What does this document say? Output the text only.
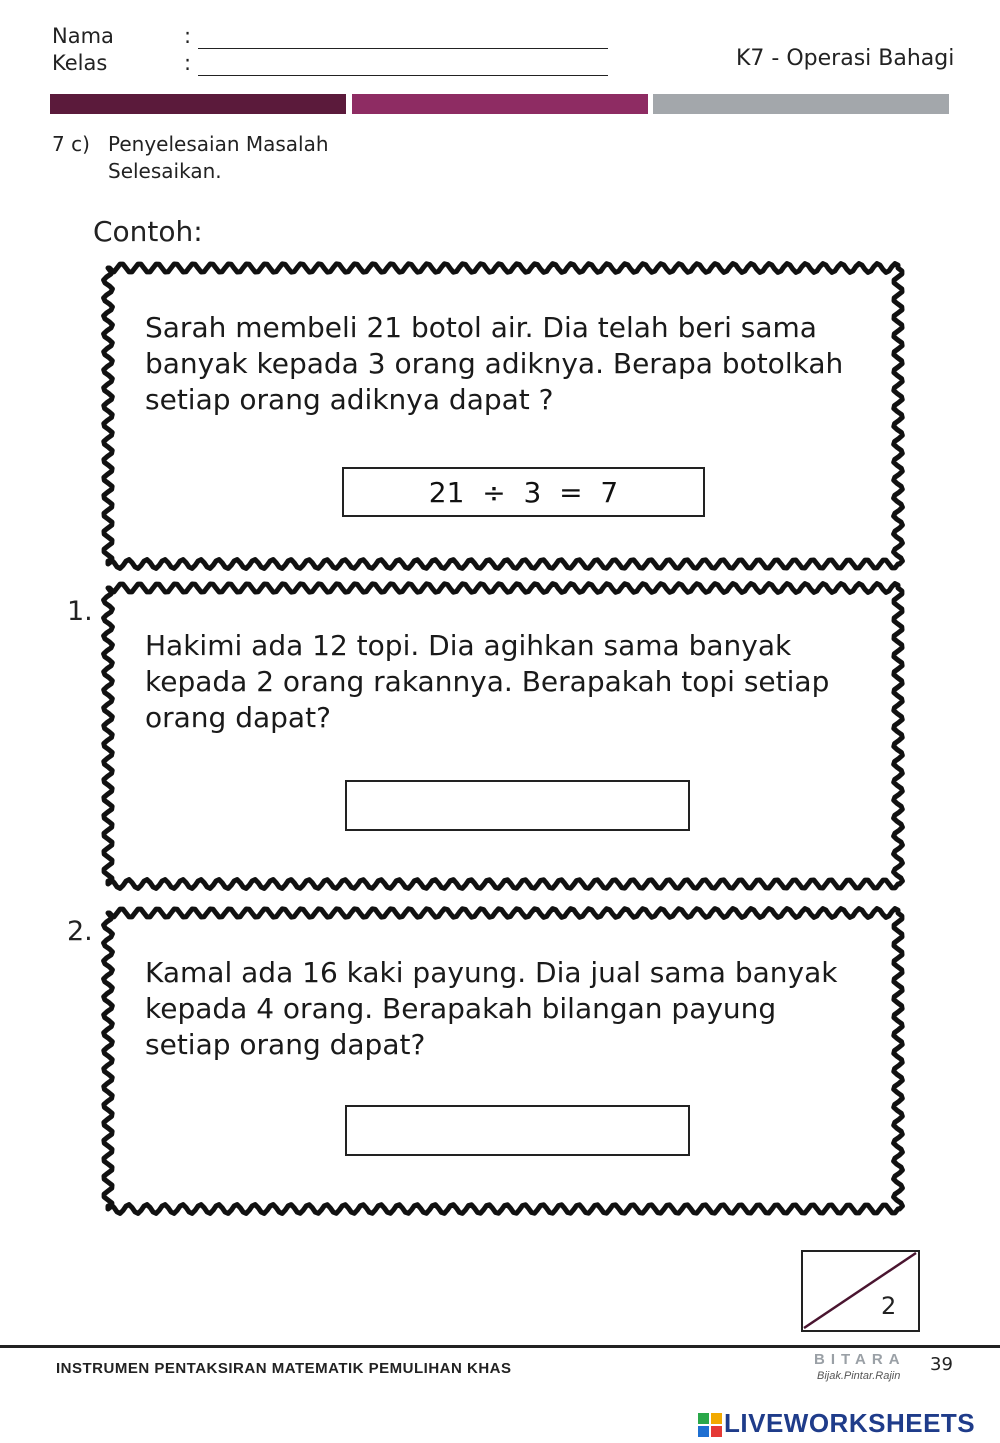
Nama	:
Kelas	:	K7 - Operasi Bahagi
7 c) Penyelesaian Masalah
Selesaikan.
Contoh:
Sarah membeli 21 botol air. Dia telah beri sama
banyak kepada 3 orang adiknya. Berapa botolkah
setiap orang adiknya dapat ?
21  ÷  3  =  7
1.
Hakimi ada 12 topi. Dia agihkan sama banyak
kepada 2 orang rakannya. Berapakah topi setiap
orang dapat?
2.
Kamal ada 16 kaki payung. Dia jual sama banyak
kepada 4 orang. Berapakah bilangan payung
setiap orang dapat?
2
INSTRUMEN PENTAKSIRAN MATEMATIK PEMULIHAN KHAS
BITARA
Bijak.Pintar.Rajin
39
LIVEWORKSHEETS
